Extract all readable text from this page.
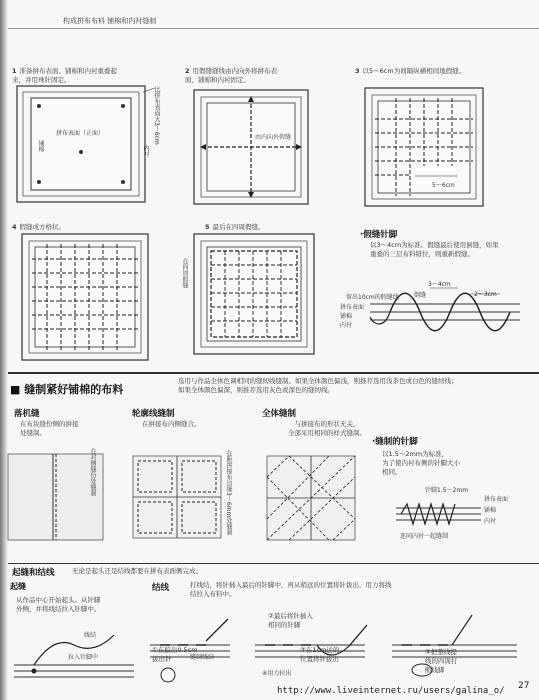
构成拼布布料 铺棉和内衬缝制

1 准备拼布表面、铺棉和内衬重叠起
来，并用珠针固定。

拼布表面（正面）
铺棉	内衬
比拼布表面大3～6cm

2 用假缝缝线由内向外将拼布表
面、铺棉和内衬固定。

由内向外假缝

3 以5～6cm为间隔纵横相间地假缝。

5～6cm

4 假缝成方格状。	5 最后在四周假缝。

在四周假缝
·假缝针脚
以3～4cm为标准。假缝最后使用倒缝，如果
重叠的三层布料错位，则重新假缝。
3～4cm
2～3cm
留出10cm的假缝线	倒缝
拼布表面
铺棉
内衬
■ 缝制紧好铺棉的布料
选用与作品全体色调相同的缝纫线缝制。如果全体颜色偏浅，则推荐选用浅茶色或白色的缝纫线；
如果全体颜色偏深，则推荐选用灰色或深色的缝纫线。
落机缝
在布块缝份侧的拼接
处缝制。
在对侧缝份处缝制
轮廓线缝制
在拼接布内侧缝合。
在距拼接布边缘3～6mm处缝制
全体缝制
与拼接布的形状无关，
全部采用相同的样式缝制。
·缝制的针脚
以1.5～2mm为标准，
为了使内衬布侧的针脚大小
相同。
针脚1.5～2mm
拼布表面
铺棉
内衬
连同内衬一起缝制
起缝和结线	无论是起头还是结线都要在拼布表面侧完成。
起缝
从作品中心开始起头。从针脚
外侧，并将线结拉入针脚中。
结线	打线结，将针插入最后的针脚中，再从稍远的位置将针拔出，用力将线
结拉入布料中。
线结
拉入针脚中
①在偏出0.5cm
拔出针	缝制线结
②最后将针插入
相同的针脚
③在1cm远的
位置将针拔出
④用力拉出
⑤把整线提
线的四周打
断线脚
http://www.liveinternet.ru/users/galina_o/ 27
